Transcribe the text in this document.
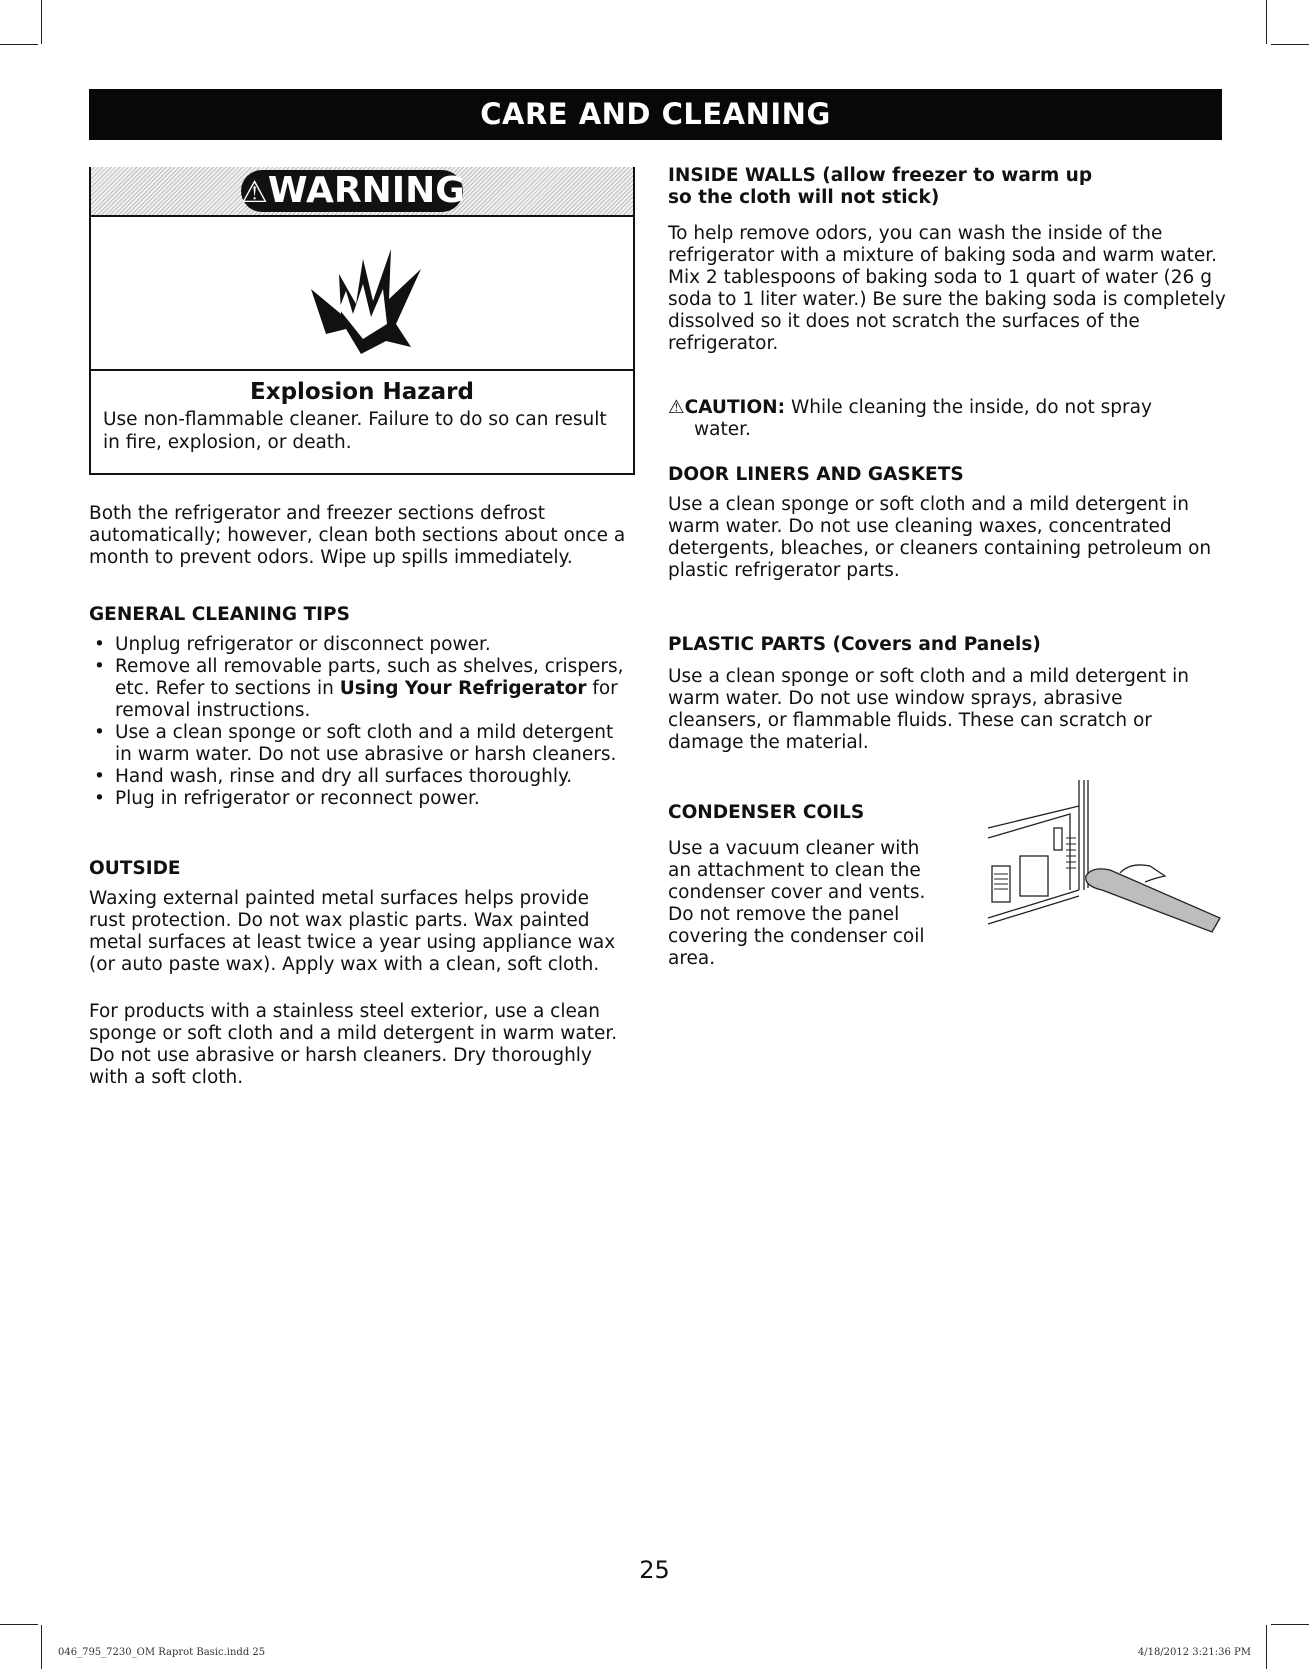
CARE AND CLEANING
⚠WARNING
Explosion Hazard
Use non-flammable cleaner. Failure to do so can result in fire, explosion, or death.

Both the refrigerator and freezer sections defrost automatically; however, clean both sections about once a month to prevent odors. Wipe up spills immediately.

GENERAL CLEANING TIPS
• Unplug refrigerator or disconnect power.
• Remove all removable parts, such as shelves, crispers, etc. Refer to sections in Using Your Refrigerator for removal instructions.
• Use a clean sponge or soft cloth and a mild detergent in warm water. Do not use abrasive or harsh cleaners.
• Hand wash, rinse and dry all surfaces thoroughly.
• Plug in refrigerator or reconnect power.
OUTSIDE

Waxing external painted metal surfaces helps provide rust protection. Do not wax plastic parts. Wax painted metal surfaces at least twice a year using appliance wax (or auto paste wax). Apply wax with a clean, soft cloth.

For products with a stainless steel exterior, use a clean sponge or soft cloth and a mild detergent in warm water. Do not use abrasive or harsh cleaners. Dry thoroughly with a soft cloth.

INSIDE WALLS (allow freezer to warm up so the cloth will not stick)

To help remove odors, you can wash the inside of the refrigerator with a mixture of baking soda and warm water. Mix 2 tablespoons of baking soda to 1 quart of water (26 g soda to 1 liter water.) Be sure the baking soda is completely dissolved so it does not scratch the surfaces of the refrigerator.

⚠CAUTION: While cleaning the inside, do not spray water.

DOOR LINERS AND GASKETS

Use a clean sponge or soft cloth and a mild detergent in warm water. Do not use cleaning waxes, concentrated detergents, bleaches, or cleaners containing petroleum on plastic refrigerator parts.

PLASTIC PARTS (Covers and Panels)

Use a clean sponge or soft cloth and a mild detergent in warm water. Do not use window sprays, abrasive cleansers, or flammable fluids. These can scratch or damage the material.

CONDENSER COILS

Use a vacuum cleaner with an attachment to clean the condenser cover and vents. Do not remove the panel covering the condenser coil area.

25
046_795_7230_OM Raprot Basic.indd 25	4/18/2012 3:21:36 PM
